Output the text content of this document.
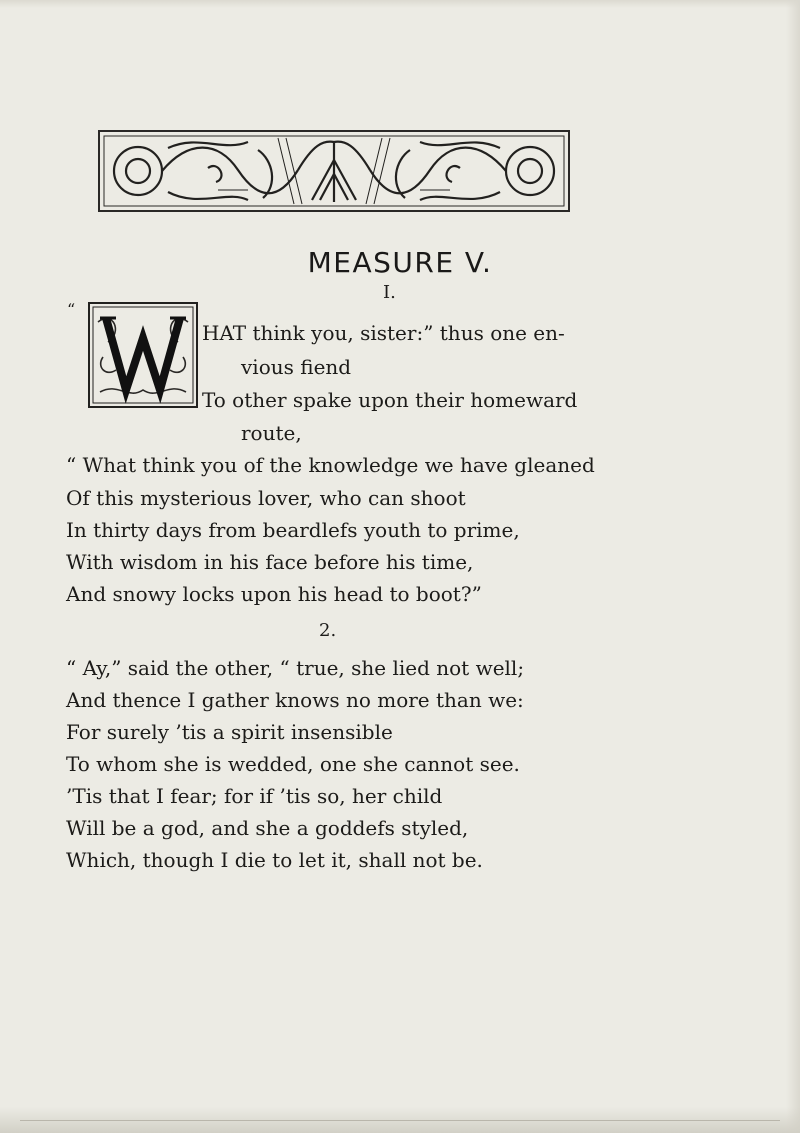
MEASURE V.
I.
“
HAT think you, sister:” thus one en-
vious fiend
To other spake upon their homeward
route,
“ What think you of the knowledge we have gleaned
Of this mysterious lover, who can shoot
In thirty days from beardlefs youth to prime,
With wisdom in his face before his time,
And snowy locks upon his head to boot?”
2.
“ Ay,” said the other, “ true, she lied not well;
And thence I gather knows no more than we:
For surely ’tis a spirit insensible
To whom she is wedded, one she cannot see.
’Tis that I fear; for if ’tis so, her child
Will be a god, and she a goddefs styled,
Which, though I die to let it, shall not be.
